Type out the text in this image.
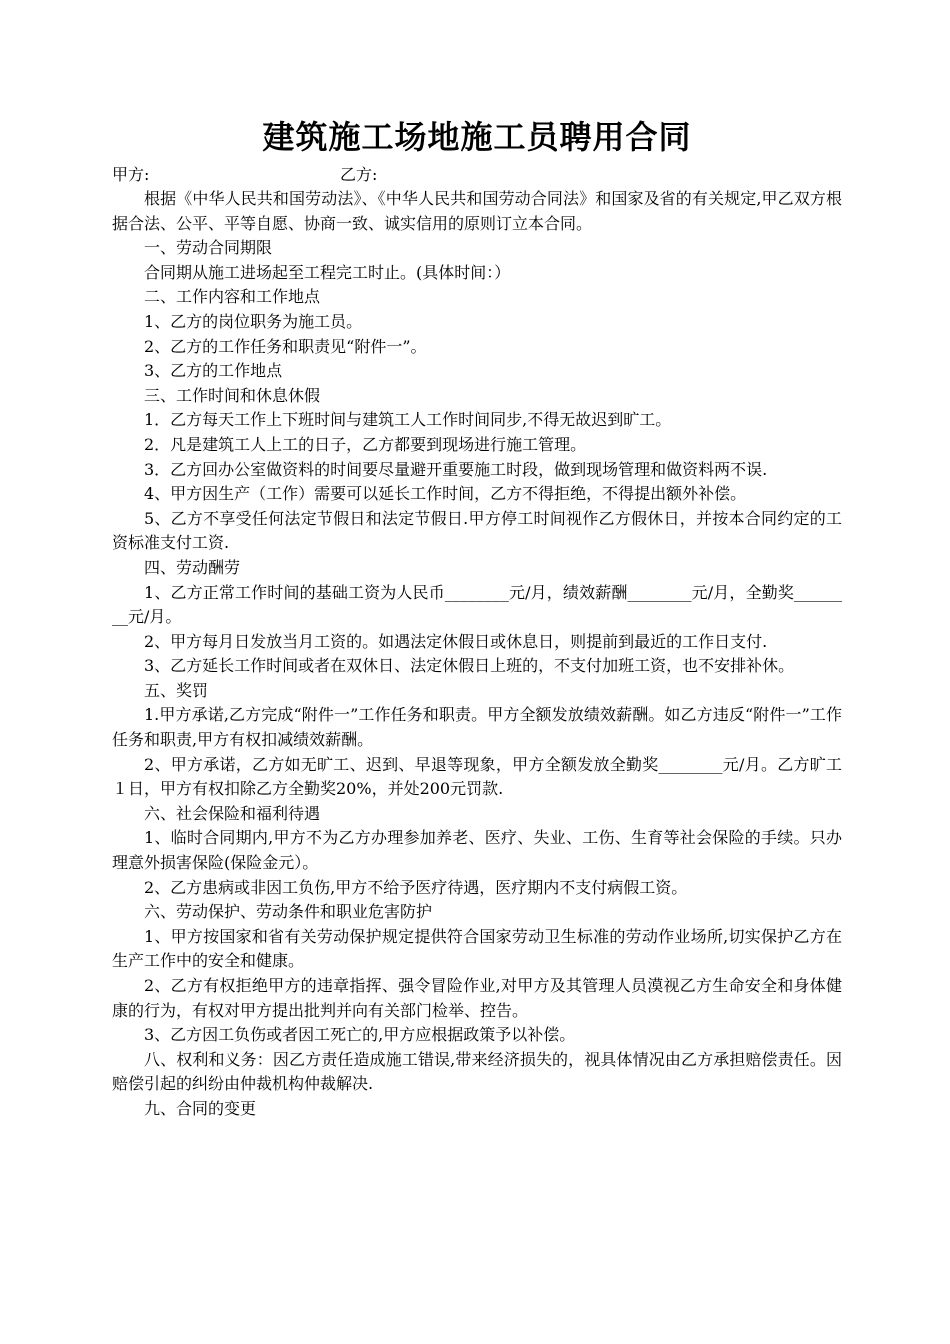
建筑施工场地施工员聘用合同
甲方:	乙方:

根据《中华人民共和国劳动法》、《中华人民共和国劳动合同法》和国家及省的有关规定,甲乙双方根据合法、公平、平等自愿、协商一致、诚实信用的原则订立本合同。

一、劳动合同期限

合同期从施工进场起至工程完工时止。(具体时间：）

二、工作内容和工作地点

1、乙方的岗位职务为施工员。

2、乙方的工作任务和职责见“附件一”。

3、乙方的工作地点

三、工作时间和休息休假

1．乙方每天工作上下班时间与建筑工人工作时间同步,不得无故迟到旷工。

2．凡是建筑工人上工的日子，乙方都要到现场进行施工管理。

3．乙方回办公室做资料的时间要尽量避开重要施工时段，做到现场管理和做资料两不误.

4、甲方因生产（工作）需要可以延长工作时间，乙方不得拒绝，不得提出额外补偿。

5、乙方不享受任何法定节假日和法定节假日.甲方停工时间视作乙方假休日，并按本合同约定的工资标准支付工资.

四、劳动酬劳

1、乙方正常工作时间的基础工资为人民币________元/月，绩效薪酬________元/月，全勤奖________元/月。

2、甲方每月日发放当月工资的。如遇法定休假日或休息日，则提前到最近的工作日支付.

3、乙方延长工作时间或者在双休日、法定休假日上班的，不支付加班工资，也不安排补休。

五、奖罚

1.甲方承诺,乙方完成“附件一”工作任务和职责。甲方全额发放绩效薪酬。如乙方违反“附件一”工作任务和职责,甲方有权扣减绩效薪酬。

2、甲方承诺，乙方如无旷工、迟到、早退等现象，甲方全额发放全勤奖________元/月。乙方旷工１日，甲方有权扣除乙方全勤奖20%，并处200元罚款.

六、社会保险和福利待遇

1、临时合同期内,甲方不为乙方办理参加养老、医疗、失业、工伤、生育等社会保险的手续。只办理意外损害保险(保险金元）。

2、乙方患病或非因工负伤,甲方不给予医疗待遇，医疗期内不支付病假工资。

六、劳动保护、劳动条件和职业危害防护

1、甲方按国家和省有关劳动保护规定提供符合国家劳动卫生标准的劳动作业场所,切实保护乙方在生产工作中的安全和健康。

2、乙方有权拒绝甲方的违章指挥、强令冒险作业,对甲方及其管理人员漠视乙方生命安全和身体健康的行为，有权对甲方提出批判并向有关部门检举、控告。

3、乙方因工负伤或者因工死亡的,甲方应根据政策予以补偿。

八、权利和义务：因乙方责任造成施工错误,带来经济损失的，视具体情况由乙方承担赔偿责任。因赔偿引起的纠纷由仲裁机构仲裁解决.

九、合同的变更
